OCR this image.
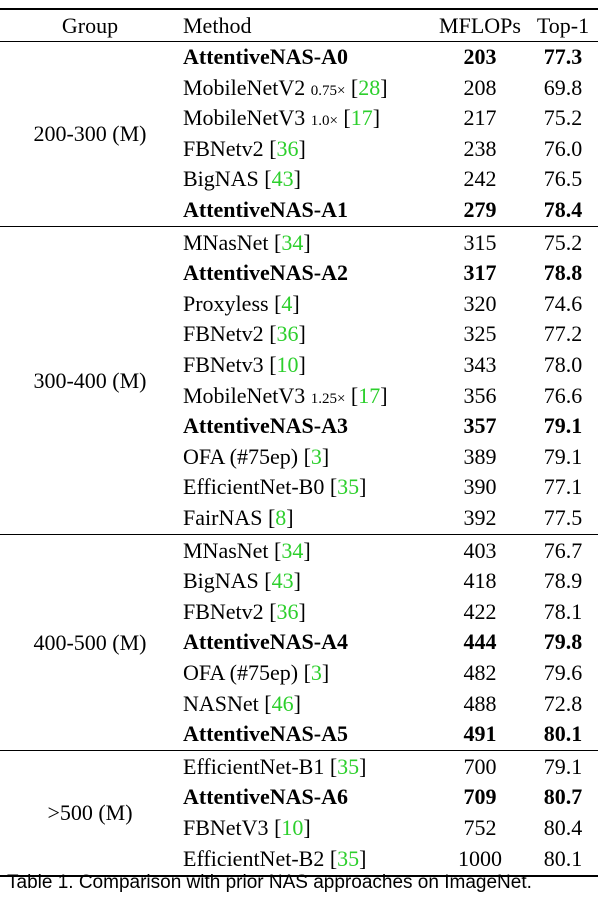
Group	Method	MFLOPs Top-1
AttentiveNAS-A0	203	77.3
MobileNetV2 0.75× [28]	208	69.8
MobileNetV3 1.0× [17]	217	75.2
FBNetv2 [36]	238	76.0
BigNAS [43]	242	76.5
AttentiveNAS-A1	279	78.4
200-300 (M)
MNasNet [34]	315	75.2
AttentiveNAS-A2	317	78.8
Proxyless [4]	320	74.6
FBNetv2 [36]	325	77.2
FBNetv3 [10]	343	78.0
MobileNetV3 1.25× [17]	356	76.6
AttentiveNAS-A3	357	79.1
OFA (#75ep) [3]	389	79.1
EfficientNet-B0 [35]	390	77.1
FairNAS [8]	392	77.5
300-400 (M)
MNasNet [34]	403	76.7
BigNAS [43]	418	78.9
FBNetv2 [36]	422	78.1
AttentiveNAS-A4	444	79.8
OFA (#75ep) [3]	482	79.6
NASNet [46]	488	72.8
AttentiveNAS-A5	491	80.1
400-500 (M)
EfficientNet-B1 [35]	700	79.1
AttentiveNAS-A6	709	80.7
FBNetV3 [10]	752	80.4
EfficientNet-B2 [35]	1000	80.1
>500 (M)
Table 1. Comparison with prior NAS approaches on ImageNet.
